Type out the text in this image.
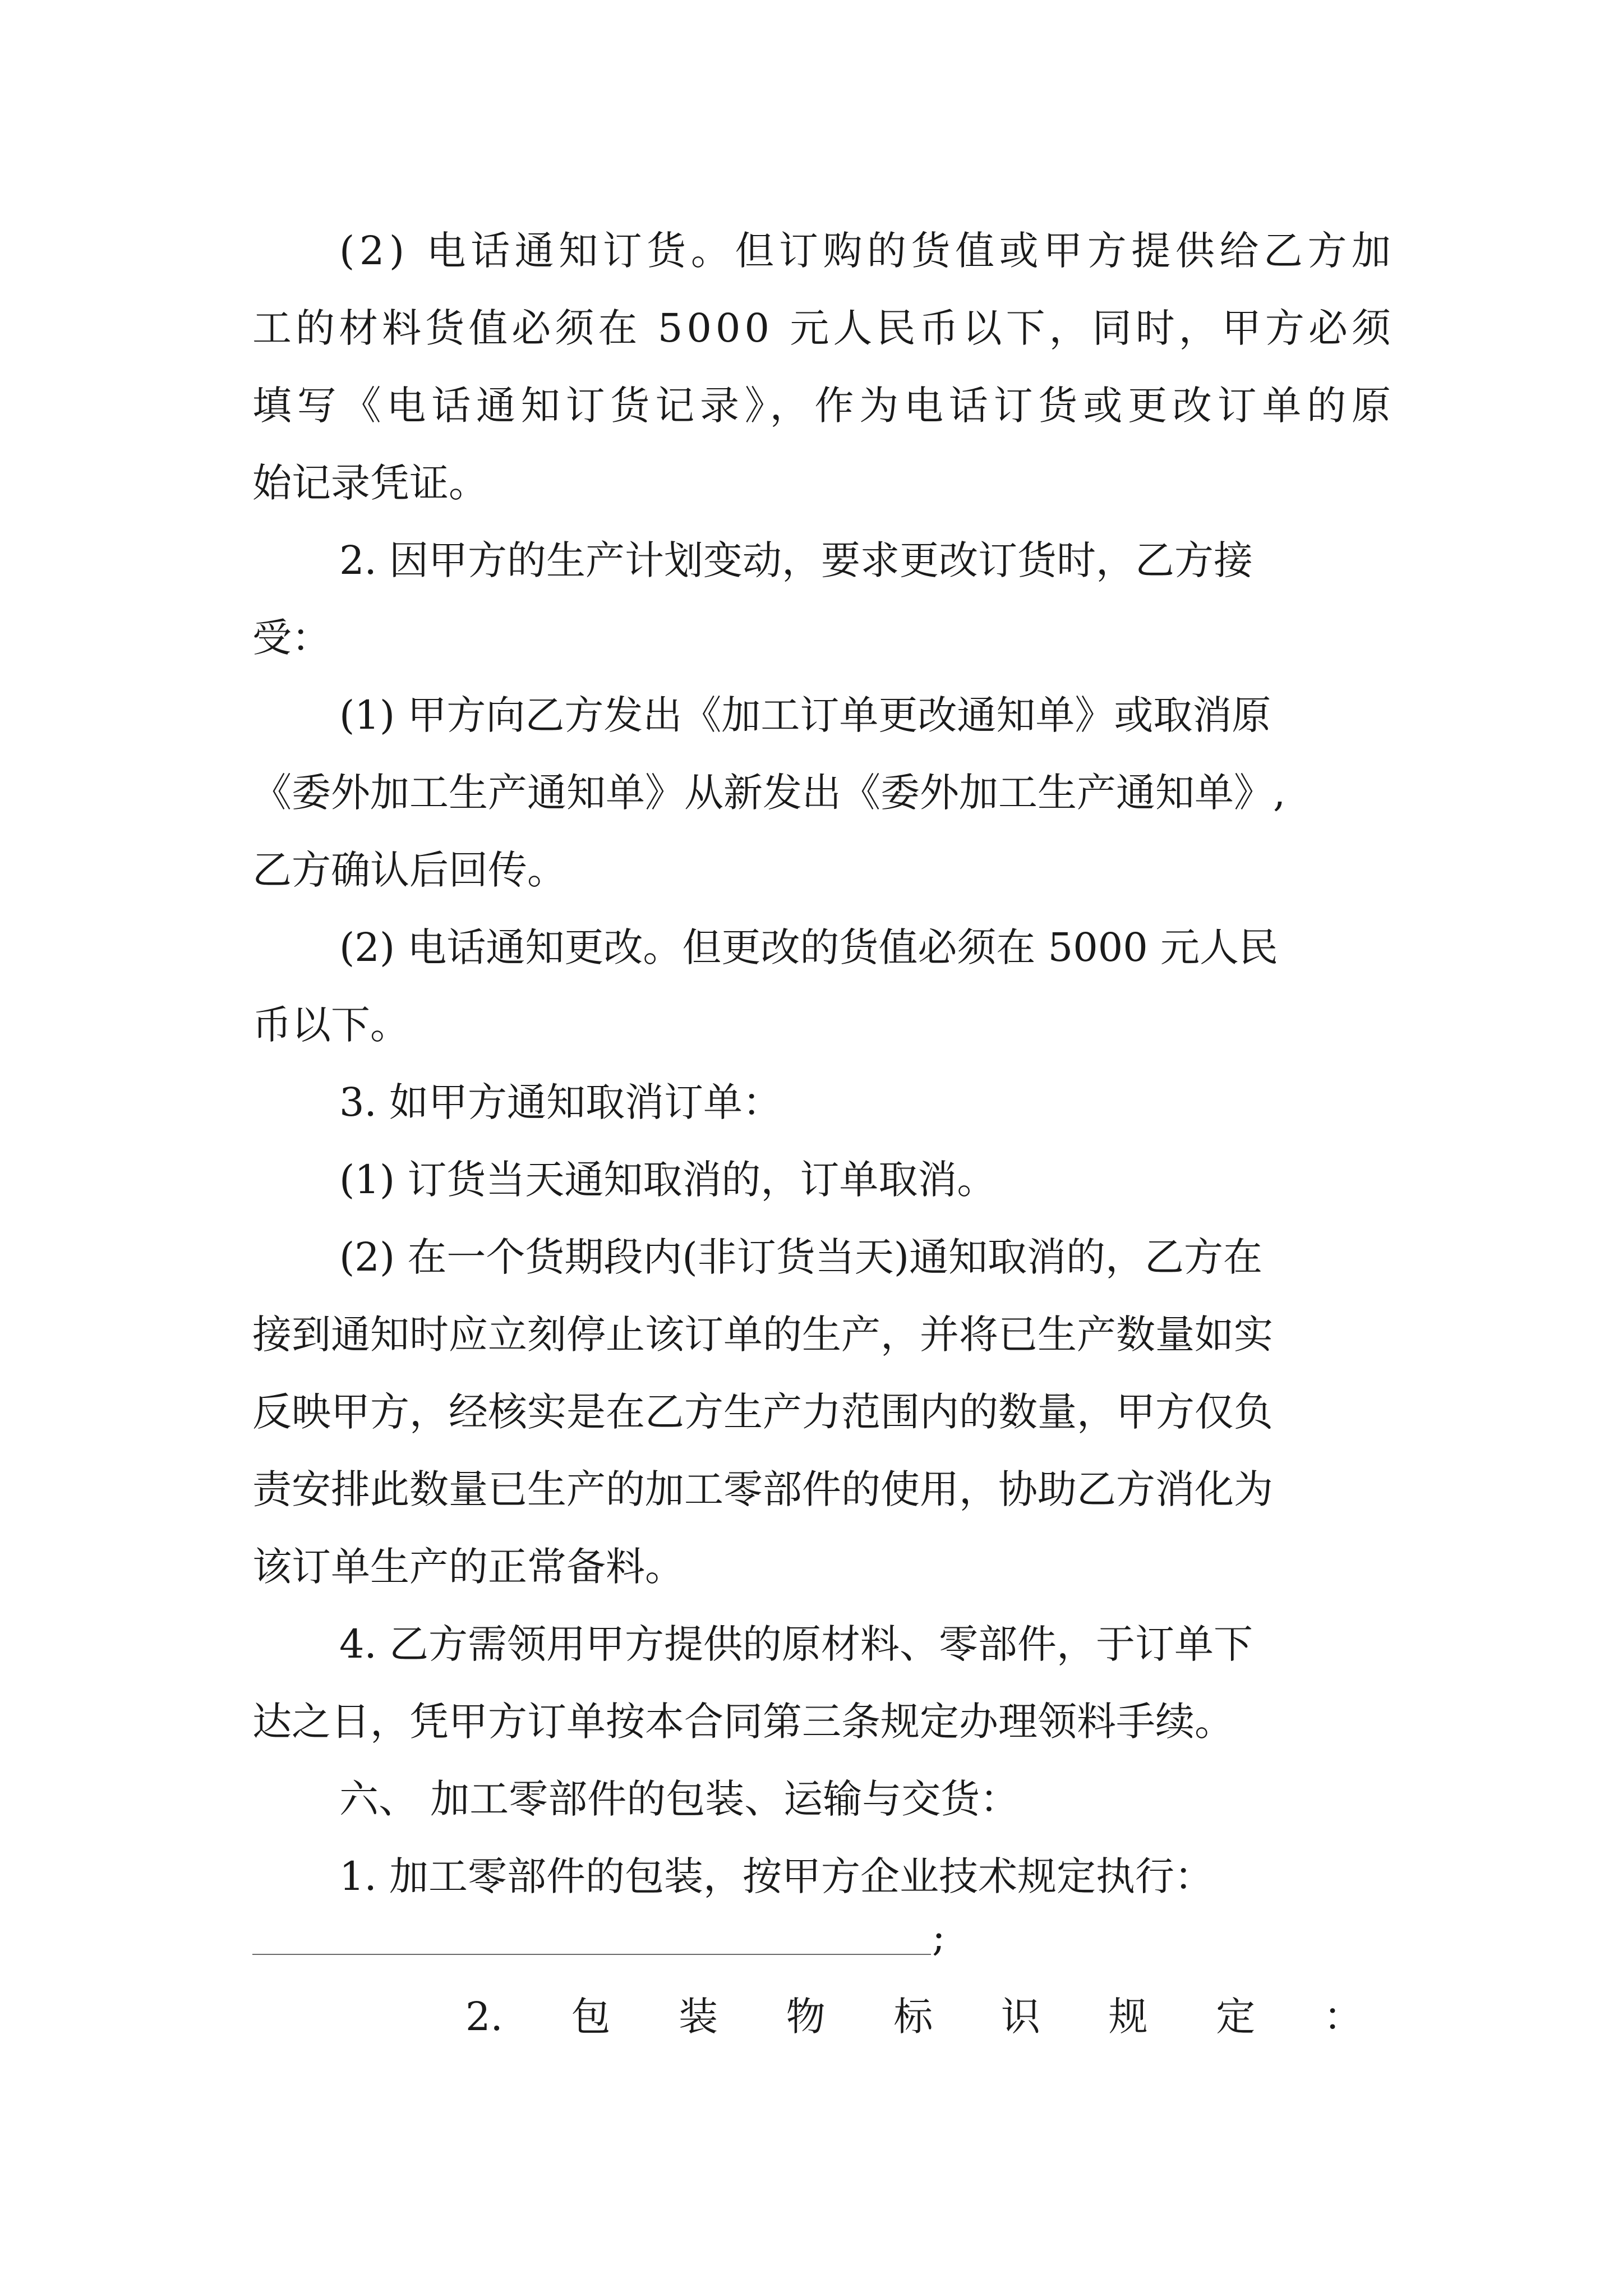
(2) 电话通知订货。但订购的货值或甲方提供给乙方加

工的材料货值必须在 5000 元人民币以下，同时，甲方必须

填写《电话通知订货记录》，作为电话订货或更改订单的原

始记录凭证。

2. 因甲方的生产计划变动，要求更改订货时，乙方接

受：

(1) 甲方向乙方发出《加工订单更改通知单》或取消原

《委外加工生产通知单》从新发出《委外加工生产通知单》,

乙方确认后回传。

(2) 电话通知更改。但更改的货值必须在 5000 元人民

币以下。

3. 如甲方通知取消订单：

(1) 订货当天通知取消的，订单取消。

(2) 在一个货期段内(非订货当天)通知取消的，乙方在

接到通知时应立刻停止该订单的生产，并将已生产数量如实

反映甲方，经核实是在乙方生产力范围内的数量，甲方仅负

责安排此数量已生产的加工零部件的使用，协助乙方消化为

该订单生产的正常备料。

4. 乙方需领用甲方提供的原材料、零部件，于订单下

达之日，凭甲方订单按本合同第三条规定办理领料手续。

六、 加工零部件的包装、运输与交货：

1. 加工零部件的包装，按甲方企业技术规定执行：

;

2. 包 装 物 标 识 规 定 ：
